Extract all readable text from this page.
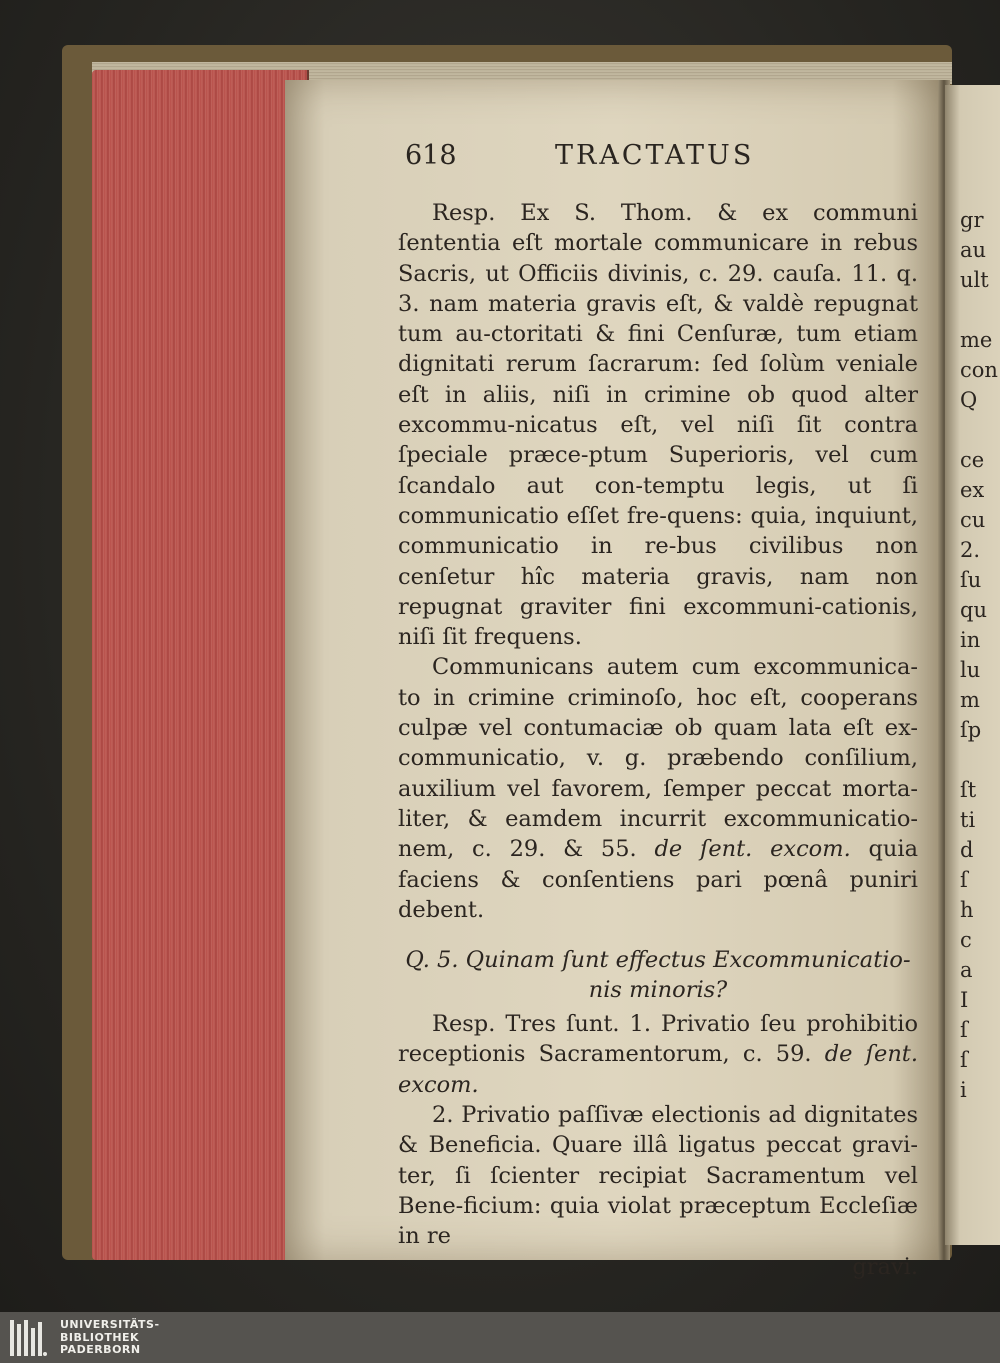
618	TRACTATUS

Resp. Ex S. Thom. & ex communi ſententia eſt mortale communicare in rebus Sacris, ut Officiis divinis, c. 29. cauſa. 11. q. 3. nam materia gravis eſt, & valdè repugnat tum au-ctoritati & fini Cenſuræ, tum etiam dignitati rerum ſacrarum: ſed ſolùm veniale eſt in aliis, niſi in crimine ob quod alter excommu-nicatus eſt, vel niſi ſit contra ſpeciale præce-ptum Superioris, vel cum ſcandalo aut con-temptu legis, ut ſi communicatio eſſet fre-quens: quia, inquiunt, communicatio in re-bus civilibus non cenſetur hîc materia gravis, nam non repugnat graviter fini excommuni-cationis, niſi ſit frequens.

Communicans autem cum excommunica-to in crimine criminoſo, hoc eſt, cooperans culpæ vel contumaciæ ob quam lata eſt ex-communicatio, v. g. præbendo conſilium, auxilium vel favorem, ſemper peccat morta-liter, & eamdem incurrit excommunicatio-nem, c. 29. & 55. de ſent. excom. quia faciens & conſentiens pari pœnâ puniri debent.

Q. 5. Quinam ſunt effectus Excommunicatio-nis minoris?

Resp. Tres ſunt. 1. Privatio ſeu prohibitio receptionis Sacramentorum, c. 59. de ſent. excom.

2. Privatio paſſivæ electionis ad dignitates & Beneficia. Quare illâ ligatus peccat gravi-ter, ſi ſcienter recipiat Sacramentum vel Bene-ficium: quia violat præceptum Eccleſiæ in re

gravi.

gr
au
ult
me
con
Q
ce
ex
cu
2.
ſu
qu
in
lu
m
ſp
ſt
ti
d
ſ
h
c
a
I
ſ
ſ
i
UNIVERSITÄTS-
BIBLIOTHEK
PADERBORN
